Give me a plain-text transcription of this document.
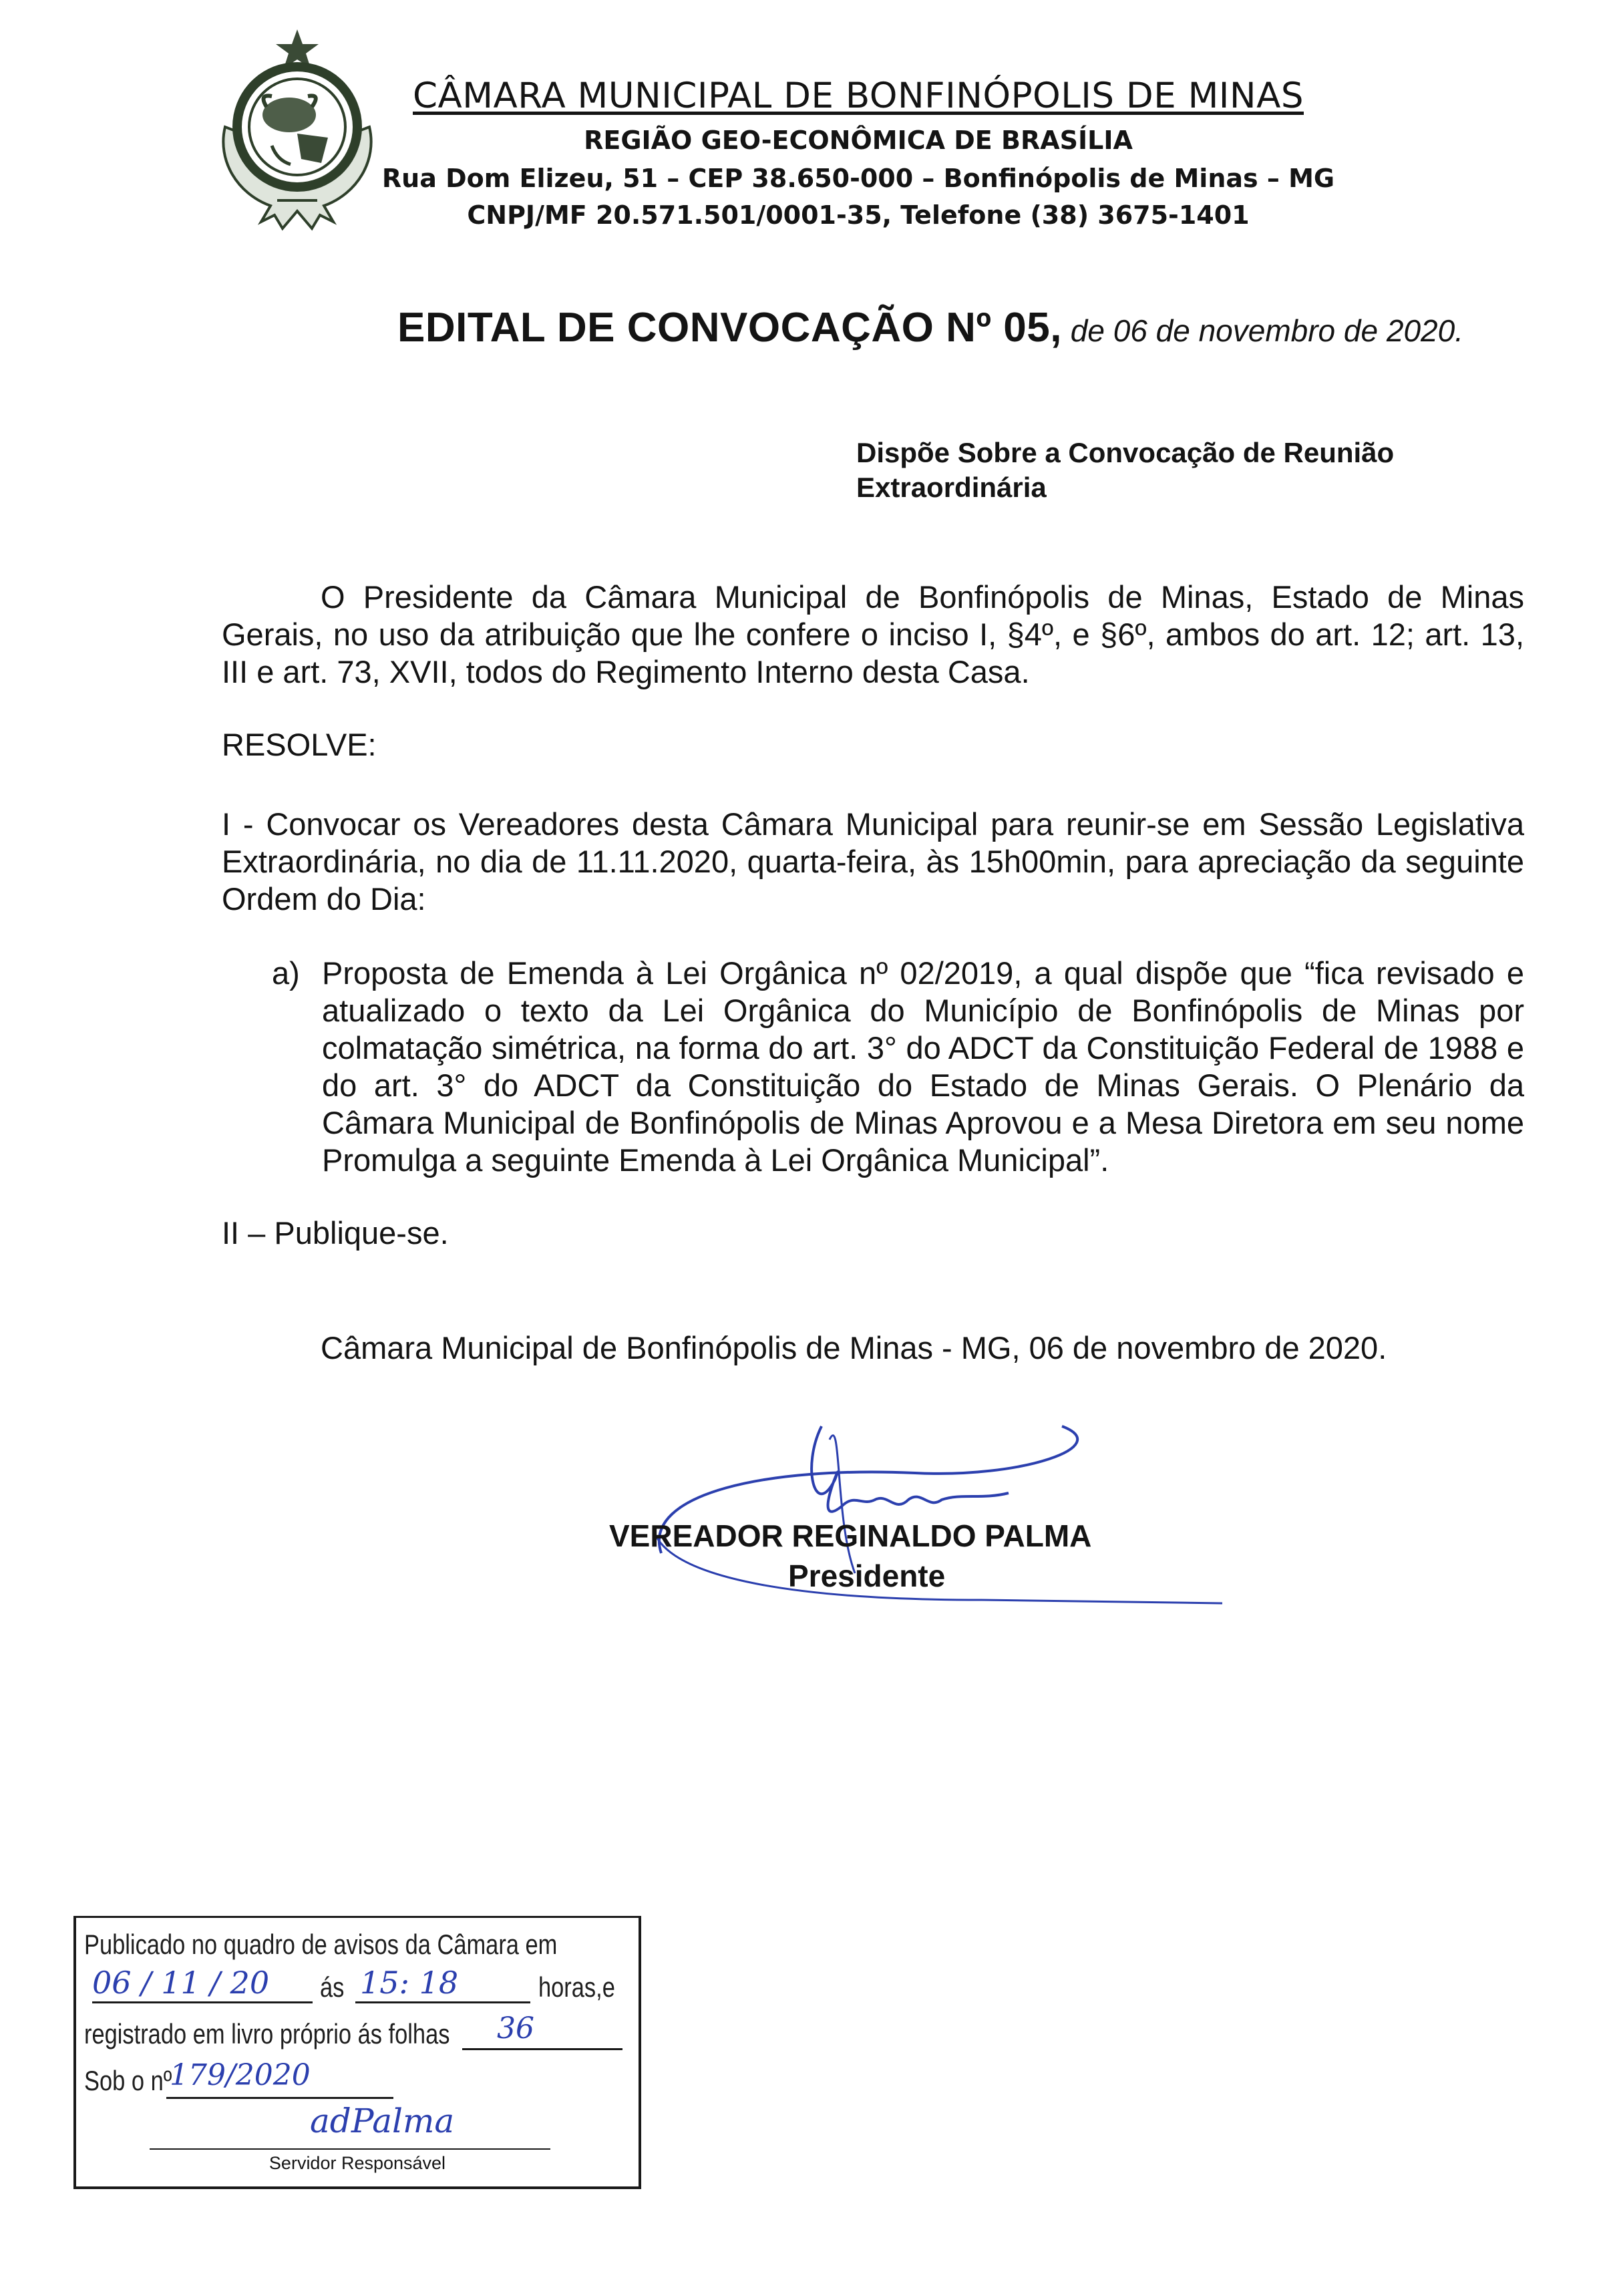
CÂMARA MUNICIPAL DE BONFINÓPOLIS DE MINAS
REGIÃO GEO-ECONÔMICA DE BRASÍLIA
Rua Dom Elizeu, 51 – CEP 38.650-000 – Bonfinópolis de Minas – MG
CNPJ/MF 20.571.501/0001-35, Telefone (38) 3675-1401
EDITAL DE CONVOCAÇÃO Nº 05, de 06 de novembro de 2020.
Dispõe Sobre a Convocação de Reunião Extraordinária
O Presidente da Câmara Municipal de Bonfinópolis de Minas, Estado de Minas Gerais, no uso da atribuição que lhe confere o inciso I, §4º, e §6º, ambos do art. 12; art. 13, III e art. 73, XVII, todos do Regimento Interno desta Casa.
RESOLVE:
I - Convocar os Vereadores desta Câmara Municipal para reunir-se em Sessão Legislativa Extraordinária, no dia de 11.11.2020, quarta-feira, às 15h00min, para apreciação da seguinte Ordem do Dia:
a) Proposta de Emenda à Lei Orgânica nº 02/2019, a qual dispõe que “fica revisado e atualizado o texto da Lei Orgânica do Município de Bonfinópolis de Minas por colmatação simétrica, na forma do art. 3° do ADCT da Constituição Federal de 1988 e do art. 3° do ADCT da Constituição do Estado de Minas Gerais. O Plenário da Câmara Municipal de Bonfinópolis de Minas Aprovou e a Mesa Diretora em seu nome Promulga a seguinte Emenda à Lei Orgânica Municipal”.
II – Publique-se.
Câmara Municipal de Bonfinópolis de Minas - MG, 06 de novembro de 2020.
VEREADOR REGINALDO PALMA
Presidente
Publicado no quadro de avisos da Câmara em
06 / 11 / 20 ás 15: 18	horas,e
registrado em livro próprio ás folhas 36
Sob o nº
179/2020
adPalma
Servidor Responsável
